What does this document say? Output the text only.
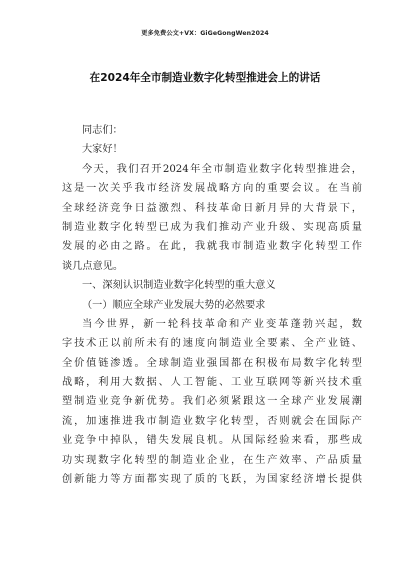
更多免费公文+VX：GiGeGongWen2024
在2024年全市制造业数字化转型推进会上的讲话
同志们：
大家好！
今天，我们召开2024年全市制造业数字化转型推进会，
这是一次关乎我市经济发展战略方向的重要会议。在当前
全球经济竞争日益激烈、科技革命日新月异的大背景下，
制造业数字化转型已成为我们推动产业升级、实现高质量
发展的必由之路。在此，我就我市制造业数字化转型工作
谈几点意见。
一、深刻认识制造业数字化转型的重大意义
（一）顺应全球产业发展大势的必然要求
当今世界，新一轮科技革命和产业变革蓬勃兴起，数
字技术正以前所未有的速度向制造业全要素、全产业链、
全价值链渗透。全球制造业强国都在积极布局数字化转型
战略，利用大数据、人工智能、工业互联网等新兴技术重
塑制造业竞争新优势。我们必须紧跟这一全球产业发展潮
流，加速推进我市制造业数字化转型，否则就会在国际产
业竞争中掉队，错失发展良机。从国际经验来看，那些成
功实现数字化转型的制造业企业，在生产效率、产品质量
创新能力等方面都实现了质的飞跃，为国家经济增长提供
